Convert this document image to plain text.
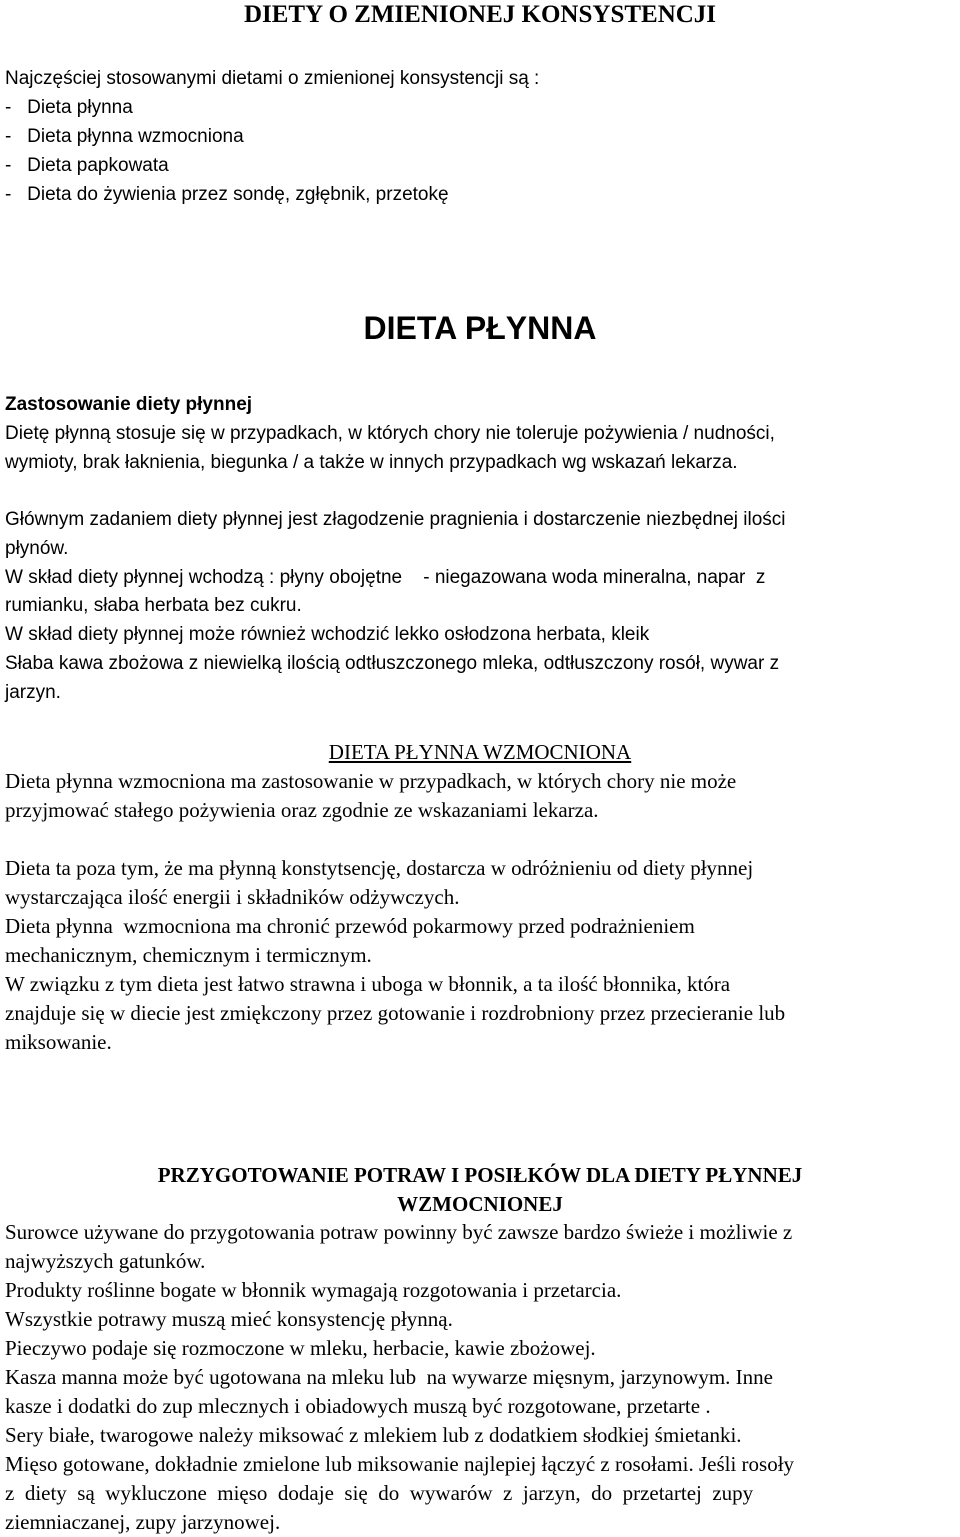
DIETY O ZMIENIONEJ KONSYSTENCJI

Najczęściej stosowanymi dietami o zmienionej konsystencji są :

-   Dieta płynna
-   Dieta płynna wzmocniona
-   Dieta papkowata
-   Dieta do żywienia przez sondę, zgłębnik, przetokę
DIETA PŁYNNA

Zastosowanie diety płynnej

Dietę płynną stosuje się w przypadkach, w których chory nie toleruje pożywienia / nudności,

wymioty, brak łaknienia, biegunka / a także w innych przypadkach wg wskazań lekarza.

Głównym zadaniem diety płynnej jest złagodzenie pragnienia i dostarczenie niezbędnej ilości

płynów.

W skład diety płynnej wchodzą : płyny obojętne    - niegazowana woda mineralna, napar  z

rumianku, słaba herbata bez cukru.

W skład diety płynnej może również wchodzić lekko osłodzona herbata, kleik

Słaba kawa zbożowa z niewielką ilością odtłuszczonego mleka, odtłuszczony rosół, wywar z

jarzyn.

DIETA PŁYNNA WZMOCNIONA

Dieta płynna wzmocniona ma zastosowanie w przypadkach, w których chory nie może

przyjmować stałego pożywienia oraz zgodnie ze wskazaniami lekarza.

Dieta ta poza tym, że ma płynną konstytsencję, dostarcza w odróżnieniu od diety płynnej

wystarczająca ilość energii i składników odżywczych.

Dieta płynna  wzmocniona ma chronić przewód pokarmowy przed podrażnieniem

mechanicznym, chemicznym i termicznym.

W związku z tym dieta jest łatwo strawna i uboga w błonnik, a ta ilość błonnika, która

znajduje się w diecie jest zmiękczony przez gotowanie i rozdrobniony przez przecieranie lub

miksowanie.

PRZYGOTOWANIE POTRAW I POSIŁKÓW DLA DIETY PŁYNNEJ
WZMOCNIONEJ

Surowce używane do przygotowania potraw powinny być zawsze bardzo świeże i możliwie z

najwyższych gatunków.

Produkty roślinne bogate w błonnik wymagają rozgotowania i przetarcia.

Wszystkie potrawy muszą mieć konsystencję płynną.

Pieczywo podaje się rozmoczone w mleku, herbacie, kawie zbożowej.

Kasza manna może być ugotowana na mleku lub  na wywarze mięsnym, jarzynowym. Inne

kasze i dodatki do zup mlecznych i obiadowych muszą być rozgotowane, przetarte .

Sery białe, twarogowe należy miksować z mlekiem lub z dodatkiem słodkiej śmietanki.

Mięso gotowane, dokładnie zmielone lub miksowanie najlepiej łączyć z rosołami. Jeśli rosoły

z  diety  są  wykluczone  mięso  dodaje  się  do  wywarów  z  jarzyn,  do  przetartej  zupy

ziemniaczanej, zupy jarzynowej.
